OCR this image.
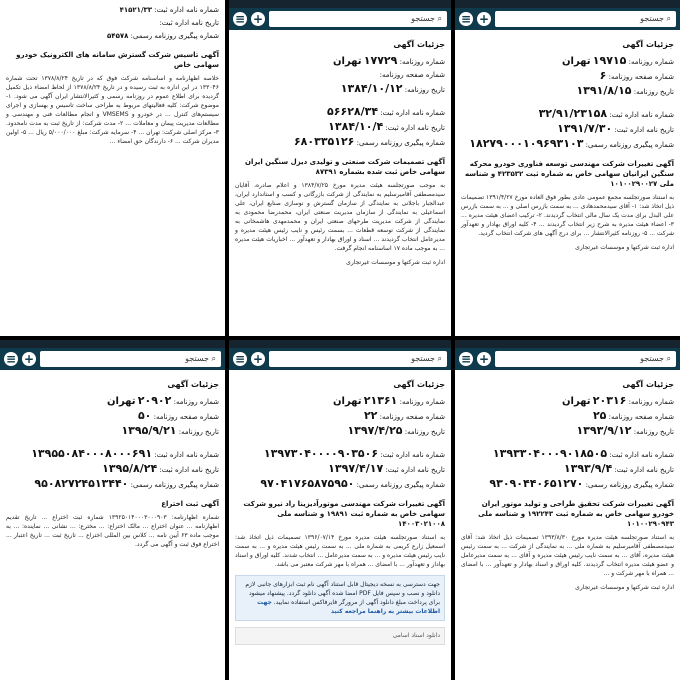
شماره نامه اداره ثبت: ۴۱۵۲۱/۳۳
تاریخ نامه اداره ثبت:
شماره پیگیری روزنامه رسمی: ۵۴۵۷۸
آگهی تاسیس شرکت گسترش سامانه های الکترونیک خودرو سهامی خاص
خلاصه اظهارنامه و اساسنامه شرکت فوق که در تاریخ ۱۳۷۸/۸/۲۴ تحت شماره ۱۳۳۰۴۶ در این اداره به ثبت رسیده و در تاریخ ۱۳۷۸/۸/۲۴ از لحاظ امضاء ذیل تکمیل گردیده برای اطلاع عموم در روزنامه رسمی و کثیرالانتشار ایران آگهی می شود. ۱- موضوع شرکت: کلیه فعالیتهای مربوط به طراحی ساخت تاسیس و بهسازی و اجرای سیستم‌های کنترل ... در خودرو و VMSEMS و انجام مطالعات فنی و مهندسی و مطالعات مدیریت پیمان و معاملات ... ۲- مدت شرکت: از تاریخ ثبت به مدت نامحدود. ۳- مرکز اصلی شرکت: تهران ... ۴- سرمایه شرکت: مبلغ ۵/۰۰۰/۰۰۰ ریال ... ۵- اولین مدیران شرکت ... ۶- دارندگان حق امضاء ...
≡ +	جستجو ⌕
جزئیات آگهی
شماره روزنامه: ۱۷۷۲۹ تهران
شماره صفحه روزنامه:
تاریخ روزنامه: ۱۳۸۴/۱۰/۱۲
شماره نامه اداره ثبت: ۵۶۶۲۸/۳۴
تاریخ نامه اداره ثبت: ۱۳۸۴/۱۰/۴
شماره پیگیری روزنامه رسمی: ۶۸۰۳۳۵۱۲۶
آگهی تصمیمات شرکت صنعتی و تولیدی دیزل سنگین ایران سهامی خاص ثبت شده بشماره ۸۷۳۹۱
به موجب صورتجلسه هیئت مدیره مورخ ۱۳۸۴/۷/۲۵ و اعلام صادره، آقایان سیدمصطفی آقامیرسلیم به نمایندگی از شرکت بازرگانی و کسب و استاندارد ایران، عبدالجبار باجلانی به نمایندگی از سازمان گسترش و نوسازی صنایع ایران، علی اسماعیلی به نمایندگی از سازمان مدیریت صنعتی ایران، محمدرضا محمودی به نمایندگی از شرکت مدیریت طرحهای صنعتی ایران و محمدمهدی هاشمخانی به نمایندگی از شرکت توسعه قطعات ... بسمت رئیس و نایب رئیس هیئت مدیره و مدیرعامل انتخاب گردیدند ... اسناد و اوراق بهادار و تعهدآور ... اخباریات هیئت مدیره ... به موجب ماده ۱۷ اساسنامه انجام گرفت.
اداره ثبت شرکتها و موسسات غیرتجاری
≡ +	جستجو ⌕
جزئیات آگهی
شماره روزنامه: ۱۹۷۱۵ تهران
شماره صفحه روزنامه: ۶
تاریخ روزنامه: ۱۳۹۱/۸/۱۵
شماره نامه اداره ثبت: ۳۲/۹۱/۲۳۱۵۸
تاریخ نامه اداره ثبت: ۱۳۹۱/۷/۳۰
شماره پیگیری روزنامه رسمی: ۱۸۲۷۹۰۰۰۱۰۹۶۹۳۱۰۳
آگهی تغییرات شرکت مهندسی توسعه فناوری خودرو محرکه سنگین ایرانیان سهامی خاص به شماره ثبت ۴۲۳۵۳۲ و شناسه ملی ۱۰۱۰۰۲۹۰۰۲۷
به استناد صورتجلسه مجمع عمومی عادی بطور فوق العاده مورخ ۱۳۹۱/۴/۲۷ تصمیمات ذیل اتخاذ شد: ۱- آقای سیدمحمدهادی ... به سمت بازرس اصلی و ... به سمت بازرس علی البدل برای مدت یک سال مالی انتخاب گردیدند. ۲- ترکیب اعضای هیئت مدیره ... ۳- اعضاء هیئت مدیره به شرح زیر انتخاب گردیدند ... ۴- کلیه اوراق بهادار و تعهدآور شرکت ... ۵- روزنامه کثیرالانتشار ... برای درج آگهی های شرکت انتخاب گردید.
اداره ثبت شرکتها و موسسات غیرتجاری
≡ +	جستجو ⌕
جزئیات آگهی
شماره روزنامه: ۲۰۹۰۲ تهران
شماره صفحه روزنامه: ۵۰
تاریخ روزنامه: ۱۳۹۵/۹/۲۱
شماره نامه اداره ثبت: ۱۳۹۵۵۰۸۴۰۰۰۸۰۰۰۶۹۱
تاریخ نامه اداره ثبت: ۱۳۹۵/۸/۲۴
شماره پیگیری روزنامه رسمی: ۹۵۰۸۲۷۲۴۵۱۳۴۴۰
آگهی ثبت اختراع
شماره اظهارنامه: ۱۳۹۲۵۰۱۴۰۰۰۳۰۰۰۹۰۳ شماره ثبت اختراع ... تاریخ تقدیم اظهارنامه ... عنوان اختراع ... مالک اختراع: ... مخترع: ... نشانی ... نماینده: ... به موجب ماده ۶۳ آیین نامه ... کلاس بین المللی اختراع ... تاریخ ثبت ... تاریخ اعتبار ... اختراع فوق ثبت و آگهی می گردد.
≡ +	جستجو ⌕
جزئیات آگهی
شماره روزنامه: ۲۱۳۶۱ تهران
شماره صفحه روزنامه: ۲۲
تاریخ روزنامه: ۱۳۹۷/۴/۲۵
شماره نامه اداره ثبت: ۱۳۹۷۳۰۴۰۰۰۰۹۰۳۵۰۶
تاریخ نامه اداره ثبت: ۱۳۹۷/۴/۱۷
شماره پیگیری روزنامه رسمی: ۹۷۰۴۱۷۶۵۸۷۵۹۵۰
آگهی تغییرات شرکت مهندسی موتورآدیزینا راد نیرو شرکت سهامی خاص به شماره ثبت ۱۹۸۹۱ و شناسه ملی ۱۴۰۰۳۰۲۱۰۰۸
به استناد صورتجلسه هیئت مدیره مورخ ۱۳۹۶/۰۷/۱۴ تصمیمات ذیل اتخاذ شد: اسمعیل زارع کریمی به شماره ملی ... به سمت رئیس هیئت مدیره و ... به سمت نایب رئیس هیئت مدیره و ... به سمت مدیرعامل ... انتخاب شدند. کلیه اوراق و اسناد بهادار و تعهدآور ... با امضای ... همراه با مهر شرکت معتبر می باشد.
جهت دسترسی به نسخه دیجیتال قابل استناد آگهی نام ثبت ابزارهای جانبی لازم دانلود و نصب و سپس فایل PDF امضا شده آگهی دانلود گردد. پیشنهاد میشود برای پرداخت مبلغ دانلود آگهی از مرورگر فایرفاکس استفاده نمایید. جهت اطلاعات بیشتر به راهنما مراجعه کنید
دانلود اسناد اسامی
≡ +	جستجو ⌕
جزئیات آگهی
شماره روزنامه: ۲۰۳۱۶ تهران
شماره صفحه روزنامه: ۲۵
تاریخ روزنامه: ۱۳۹۳/۹/۱۲
شماره نامه اداره ثبت: ۱۳۹۳۳۰۴۰۰۰۹۰۱۸۵۰۵
تاریخ نامه اداره ثبت: ۱۳۹۳/۹/۴
شماره پیگیری روزنامه رسمی: ۹۳۰۹۰۴۴۰۶۵۱۲۷۰
آگهی تغییرات شرکت تحقیق طراحی و تولید موتور ایران خودرو سهامی خاص به شماره ثبت ۱۹۲۲۴۳ و شناسه ملی ۱۰۱۰۰۲۹۰۹۴۳
به استناد صورتجلسه هیئت مدیره مورخ ۱۳۹۳/۸/۳۰ تصمیمات ذیل اتخاذ شد: آقای سیدمصطفی آقامیرسلیم به شماره ملی ... به نمایندگی از شرکت ... به سمت رئیس هیئت مدیره، آقای ... به سمت نایب رئیس هیئت مدیره و آقای ... به سمت مدیرعامل و عضو هیئت مدیره انتخاب گردیدند. کلیه اوراق و اسناد بهادار و تعهدآور ... با امضای ... همراه با مهر شرکت و ...
اداره ثبت شرکتها و موسسات غیرتجاری
